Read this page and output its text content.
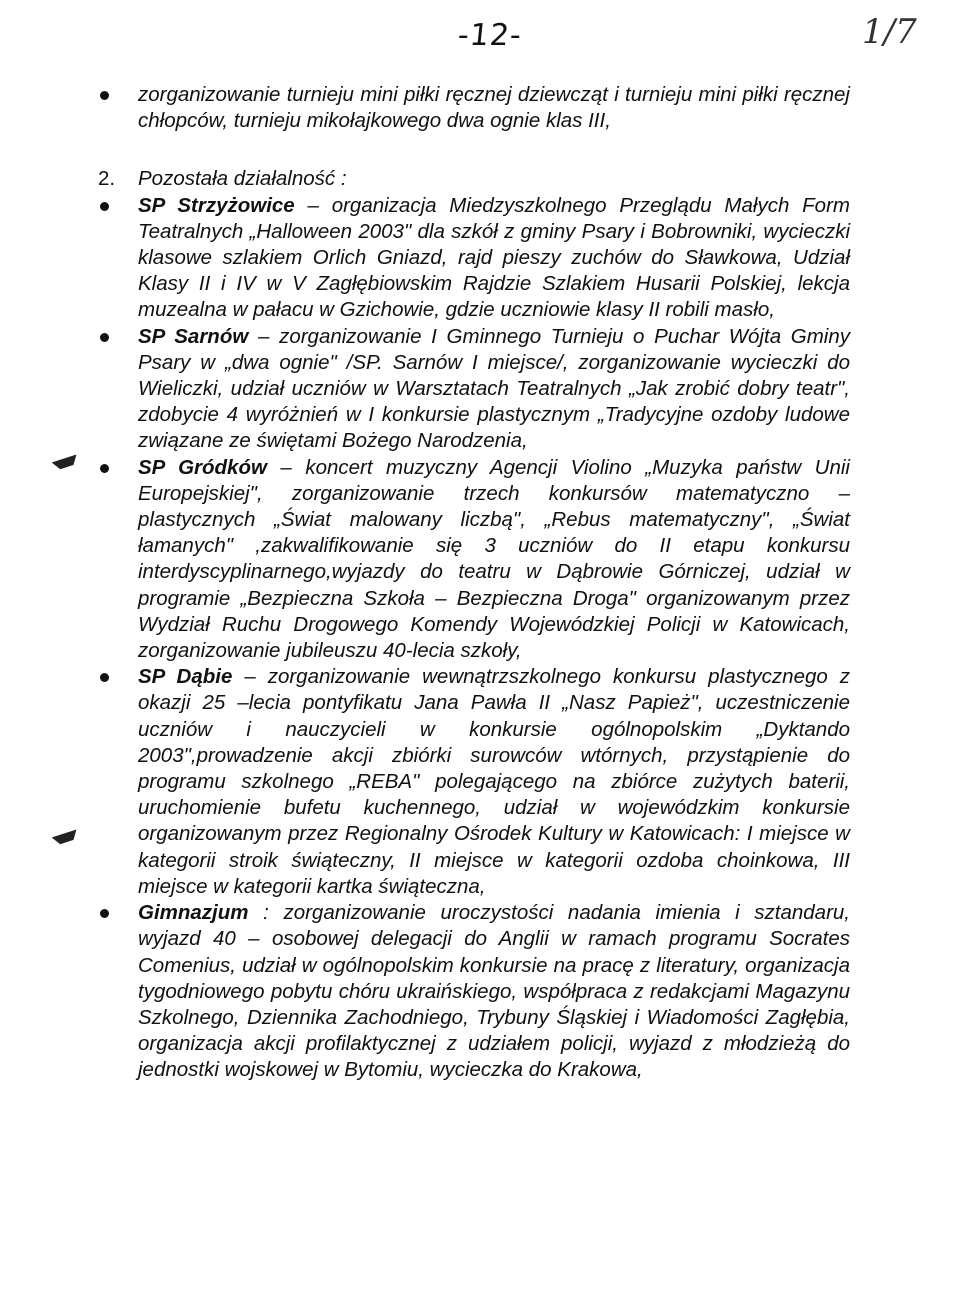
-12-	1/7
zorganizowanie turnieju mini piłki ręcznej dziewcząt i turnieju mini piłki ręcznej chłopców, turnieju mikołajkowego dwa ognie klas III,
2. Pozostała działalność :
SP Strzyżowice – organizacja Miedzyszkolnego Przeglądu Małych Form Teatralnych „Halloween 2003" dla szkół z gminy Psary i Bobrowniki, wycieczki klasowe szlakiem Orlich Gniazd, rajd pieszy zuchów do Sławkowa, Udział Klasy II i IV w V Zagłębiowskim Rajdzie Szlakiem Husarii Polskiej, lekcja muzealna w pałacu w Gzichowie, gdzie uczniowie klasy II robili masło,
SP Sarnów – zorganizowanie I Gminnego Turnieju o Puchar Wójta Gminy Psary w „dwa ognie" /SP. Sarnów I miejsce/, zorganizowanie wycieczki do Wieliczki, udział uczniów w Warsztatach Teatralnych „Jak zrobić dobry teatr", zdobycie 4 wyróżnień w I konkursie plastycznym „Tradycyjne ozdoby ludowe związane ze świętami Bożego Narodzenia,
SP Gródków – koncert muzyczny Agencji Violino „Muzyka państw Unii Europejskiej", zorganizowanie trzech konkursów matematyczno – plastycznych „Świat malowany liczbą", „Rebus matematyczny", „Świat łamanych" ,zakwalifikowanie się 3 uczniów do II etapu konkursu interdyscyplinarnego,wyjazdy do teatru w Dąbrowie Górniczej, udział w programie „Bezpieczna Szkoła – Bezpieczna Droga" organizowanym przez Wydział Ruchu Drogowego Komendy Wojewódzkiej Policji w Katowicach, zorganizowanie jubileuszu 40-lecia szkoły,
SP Dąbie – zorganizowanie wewnątrzszkolnego konkursu plastycznego z okazji 25 –lecia pontyfikatu Jana Pawła II „Nasz Papież", uczestniczenie uczniów i nauczycieli w konkursie ogólnopolskim „Dyktando 2003",prowadzenie akcji zbiórki surowców wtórnych, przystąpienie do programu szkolnego „REBA" polegającego na zbiórce zużytych baterii, uruchomienie bufetu kuchennego, udział w wojewódzkim konkursie organizowanym przez Regionalny Ośrodek Kultury w Katowicach: I miejsce w kategorii stroik świąteczny, II miejsce w kategorii ozdoba choinkowa, III miejsce w kategorii kartka świąteczna,
Gimnazjum : zorganizowanie uroczystości nadania imienia i sztandaru, wyjazd 40 – osobowej delegacji do Anglii w ramach programu Socrates Comenius, udział w ogólnopolskim konkursie na pracę z literatury, organizacja tygodniowego pobytu chóru ukraińskiego, współpraca z redakcjami Magazynu Szkolnego, Dziennika Zachodniego, Trybuny Śląskiej i Wiadomości Zagłębia, organizacja akcji profilaktycznej z udziałem policji, wyjazd z młodzieżą do jednostki wojskowej w Bytomiu, wycieczka do Krakowa,
